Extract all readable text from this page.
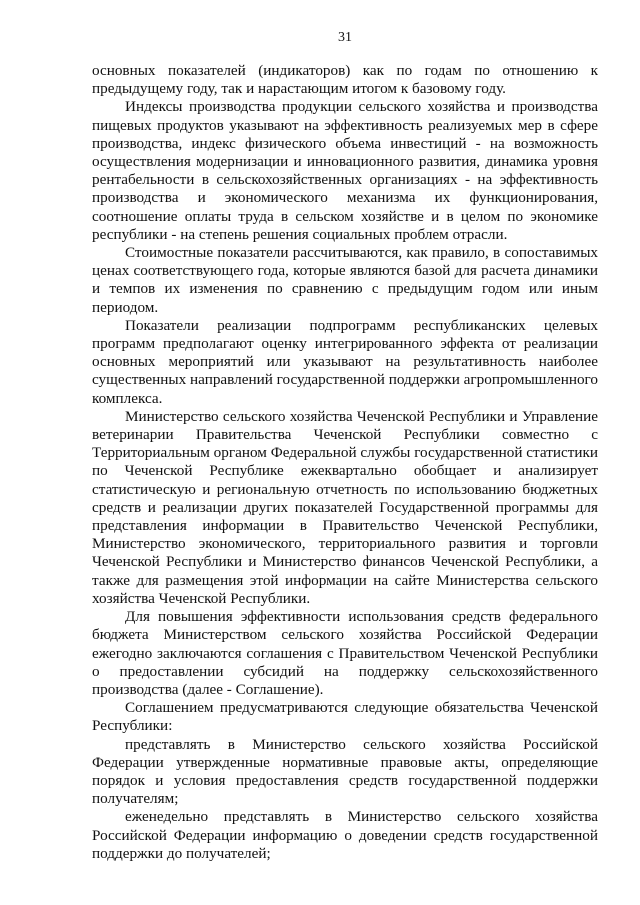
31

основных показателей (индикаторов) как по годам по отношению к предыдущему году, так и нарастающим итогом к базовому году.

Индексы производства продукции сельского хозяйства и производства пищевых продуктов указывают на эффективность реализуемых мер в сфере производства, индекс физического объема инвестиций - на возможность осуществления модернизации и инновационного развития, динамика уровня рентабельности в сельскохозяйственных организациях - на эффективность производства и экономического механизма их функционирования, соотношение оплаты труда в сельском хозяйстве и в целом по экономике республики - на степень решения социальных проблем отрасли.

Стоимостные показатели рассчитываются, как правило, в сопоставимых ценах соответствующего года, которые являются базой для расчета динамики и темпов их изменения по сравнению с предыдущим годом или иным периодом.

Показатели реализации подпрограмм республиканских целевых программ предполагают оценку интегрированного эффекта от реализации основных мероприятий или указывают на результативность наиболее существенных направлений государственной поддержки агропромышленного комплекса.

Министерство сельского хозяйства Чеченской Республики и Управление ветеринарии Правительства Чеченской Республики совместно с Территориальным органом Федеральной службы государственной статистики по Чеченской Республике ежеквартально обобщает и анализирует статистическую и региональную отчетность по использованию бюджетных средств и реализации других показателей Государственной программы для представления информации в Правительство Чеченской Республики, Министерство экономического, территориального развития и торговли Чеченской Республики и Министерство финансов Чеченской Республики, а также для размещения этой информации на сайте Министерства сельского хозяйства Чеченской Республики.

Для повышения эффективности использования средств федерального бюджета Министерством сельского хозяйства Российской Федерации ежегодно заключаются соглашения с Правительством Чеченской Республики о предоставлении субсидий на поддержку сельскохозяйственного производства (далее - Соглашение).

Соглашением предусматриваются следующие обязательства Чеченской Республики:

представлять в Министерство сельского хозяйства Российской Федерации утвержденные нормативные правовые акты, определяющие порядок и условия предоставления средств государственной поддержки получателям;

еженедельно представлять в Министерство сельского хозяйства Российской Федерации информацию о доведении средств государственной поддержки до получателей;
